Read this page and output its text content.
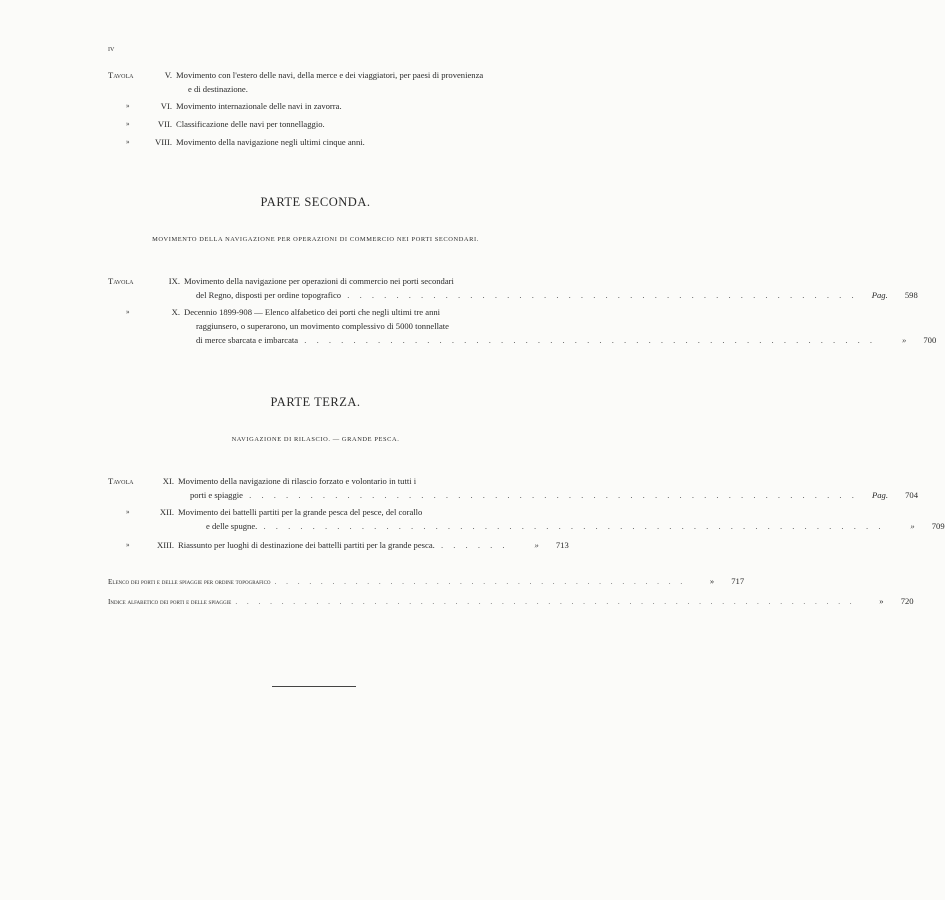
iv
Tavola	V. Movimento con l'estero delle navi, della merce e dei viaggiatori, per paesi di provenienza
e di destinazione.
»	VI. Movimento internazionale delle navi in zavorra.
»	VII. Classificazione delle navi per tonnellaggio.
»	VIII. Movimento della navigazione negli ultimi cinque anni.
PARTE SECONDA.
MOVIMENTO DELLA NAVIGAZIONE PER OPERAZIONI DI COMMERCIO NEI PORTI SECONDARI.
Tavola	IX. Movimento della navigazione per operazioni di commercio nei porti secondari
del Regno, disposti per ordine topografico . . . . . . . . . . . . . . . . . . . . . . . . . . . . . . . . . . . . . . . . . . Pag. 598
»	X. Decennio 1899-908 — Elenco alfabetico dei porti che negli ultimi tre anni
raggiunsero, o superarono, un movimento complessivo di 5000 tonnellate
di merce sbarcata e imbarcata . . . . . . . . . . . . . . . . . . . . . . . . . . . . . . . . . . . . . . . . . . . . . . .	» 700
PARTE TERZA.
NAVIGAZIONE DI RILASCIO. — GRANDE PESCA.
Tavola	XI. Movimento della navigazione di rilascio forzato e volontario in tutti i
porti e spiaggie . . . . . . . . . . . . . . . . . . . . . . . . . . . . . . . . . . . . . . . . . . . . . . . . . . Pag. 704
»	XII. Movimento dei battelli partiti per la grande pesca del pesce, del corallo
e delle spugne. . . . . . . . . . . . . . . . . . . . . . . . . . . . . . . . . . . . . . . . . . . . . . . . . . . .	» 709
»	XIII. Riassunto per luoghi di destinazione dei battelli partiti per la grande pesca. . . . . . .	» 713
Elenco dei porti e delle spiaggie per ordine topografico . . . . . . . . . . . . . . . . . . . . . . . . . . . . . . . . . . . .	» 717
Indice alfabetico dei porti e delle spiaggie . . . . . . . . . . . . . . . . . . . . . . . . . . . . . . . . . . . . . . . . . . . . . . . . . . . . . .	» 720
